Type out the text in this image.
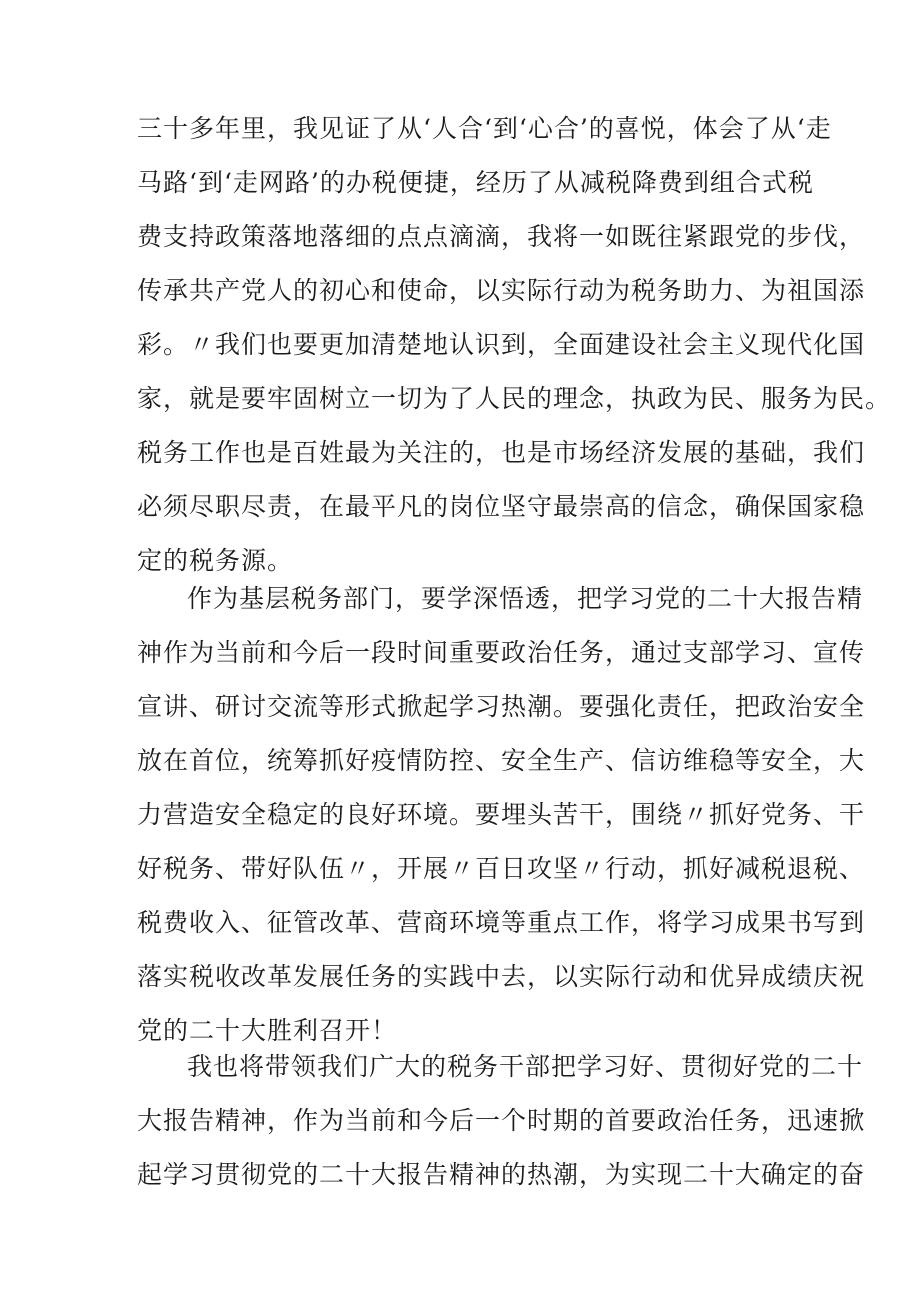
三十多年里，我见证了从‘人合‘到‘心合’的喜悦，体会了从‘走
马路‘到‘走网路’的办税便捷，经历了从减税降费到组合式税
费支持政策落地落细的点点滴滴，我将一如既往紧跟党的步伐，
传承共产党人的初心和使命，以实际行动为税务助力、为祖国添
彩。〃我们也要更加清楚地认识到，全面建设社会主义现代化国
家，就是要牢固树立一切为了人民的理念，执政为民、服务为民。
税务工作也是百姓最为关注的，也是市场经济发展的基础，我们
必须尽职尽责，在最平凡的岗位坚守最崇高的信念，确保国家稳
定的税务源。
作为基层税务部门，要学深悟透，把学习党的二十大报告精
神作为当前和今后一段时间重要政治任务，通过支部学习、宣传
宣讲、研讨交流等形式掀起学习热潮。要强化责任，把政治安全
放在首位，统筹抓好疫情防控、安全生产、信访维稳等安全，大
力营造安全稳定的良好环境。要埋头苦干，围绕〃抓好党务、干
好税务、带好队伍〃，开展〃百日攻坚〃行动，抓好减税退税、
税费收入、征管改革、营商环境等重点工作，将学习成果书写到
落实税收改革发展任务的实践中去，以实际行动和优异成绩庆祝
党的二十大胜利召开！
我也将带领我们广大的税务干部把学习好、贯彻好党的二十
大报告精神，作为当前和今后一个时期的首要政治任务，迅速掀
起学习贯彻党的二十大报告精神的热潮，为实现二十大确定的奋
